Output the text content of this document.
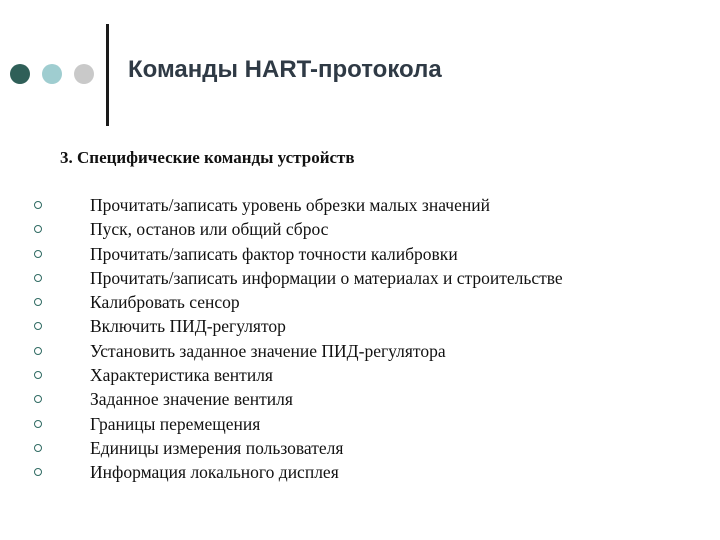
Команды HART-протокола
3. Специфические команды устройств
Прочитать/записать уровень обрезки малых значений
Пуск, останов или общий сброс
Прочитать/записать фактор точности калибровки
Прочитать/записать информации о материалах и строительстве
Калибровать сенсор
Включить ПИД-регулятор
Установить заданное значение ПИД-регулятора
Характеристика вентиля
Заданное значение вентиля
Границы перемещения
Единицы измерения пользователя
Информация локального дисплея
